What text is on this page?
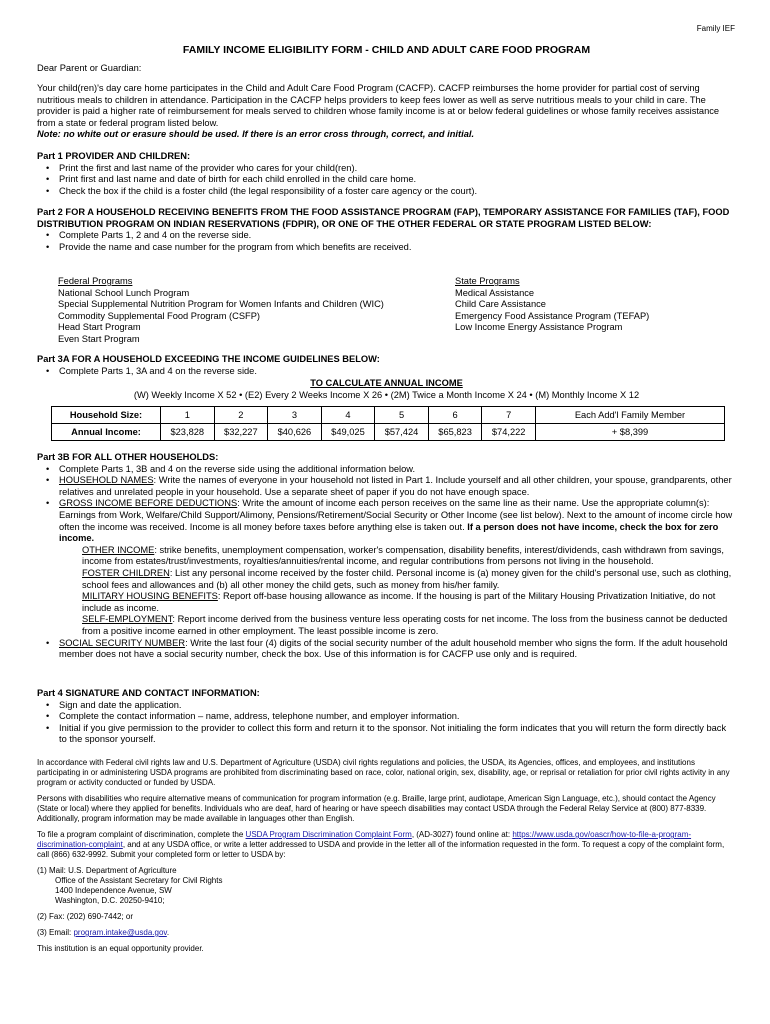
Family IEF
FAMILY INCOME ELIGIBILITY FORM - CHILD AND ADULT CARE FOOD PROGRAM

Dear Parent or Guardian:

Your child(ren)'s day care home participates in the Child and Adult Care Food Program (CACFP). CACFP reimburses the home provider for partial cost of serving nutritious meals to children in attendance. Participation in the CACFP helps providers to keep fees lower as well as serve nutritious meals to your child in care. The provider is paid a higher rate of reimbursement for meals served to children whose family income is at or below federal guidelines or whose family receives assistance from a state or federal program listed below.

Note: no white out or erasure should be used. If there is an error cross through, correct, and initial.

Part 1 PROVIDER AND CHILDREN:

• Print the first and last name of the provider who cares for your child(ren).
• Print first and last name and date of birth for each child enrolled in the child care home.
• Check the box if the child is a foster child (the legal responsibility of a foster care agency or the court).

Part 2 FOR A HOUSEHOLD RECEIVING BENEFITS FROM THE FOOD ASSISTANCE PROGRAM (FAP), TEMPORARY ASSISTANCE FOR FAMILIES (TAF), FOOD DISTRIBUTION PROGRAM ON INDIAN RESERVATIONS (FDPIR), OR ONE OF THE OTHER FEDERAL OR STATE PROGRAM LISTED BELOW:

• Complete Parts 1, 2 and 4 on the reverse side.
• Provide the name and case number for the program from which benefits are received.
Federal Programs
National School Lunch Program
Special Supplemental Nutrition Program for Women Infants and Children (WIC)
Commodity Supplemental Food Program (CSFP)
Head Start Program
Even Start Program
State Programs
Medical Assistance
Child Care Assistance
Emergency Food Assistance Program (TEFAP)
Low Income Energy Assistance Program

Part 3A FOR A HOUSEHOLD EXCEEDING THE INCOME GUIDELINES BELOW:

• Complete Parts 1, 3A and 4 on the reverse side.

TO CALCULATE ANNUAL INCOME

(W) Weekly Income X 52 • (E2) Every 2 Weeks Income X 26 • (2M) Twice a Month Income X 24 • (M) Monthly Income X 12

Household Size:	1	2	3	4	5	6	7	Each Add'l Family Member
Annual Income:	$23,828	$32,227	$40,626	$49,025	$57,424	$65,823	$74,222	+ $8,399

Part 3B FOR ALL OTHER HOUSEHOLDS:

• Complete Parts 1, 3B and 4 on the reverse side using the additional information below.
• HOUSEHOLD NAMES: Write the names of everyone in your household not listed in Part 1. Include yourself and all other children, your spouse, grandparents, other relatives and unrelated people in your household. Use a separate sheet of paper if you do not have enough space.
• GROSS INCOME BEFORE DEDUCTIONS: Write the amount of income each person receives on the same line as their name. Use the appropriate column(s): Earnings from Work, Welfare/Child Support/Alimony, Pensions/Retirement/Social Security or Other Income (see list below). Next to the amount of income circle how often the income was received. Income is all money before taxes before anything else is taken out. If a person does not have income, check the box for zero income.
OTHER INCOME: strike benefits, unemployment compensation, worker's compensation, disability benefits, interest/dividends, cash withdrawn from savings, income from estates/trust/investments, royalties/annuities/rental income, and regular contributions from persons not living in the household.
FOSTER CHILDREN: List any personal income received by the foster child. Personal income is (a) money given for the child's personal use, such as clothing, school fees and allowances and (b) all other money the child gets, such as money from his/her family.
MILITARY HOUSING BENEFITS: Report off-base housing allowance as income. If the housing is part of the Military Housing Privatization Initiative, do not include as income.
SELF-EMPLOYMENT: Report income derived from the business venture less operating costs for net income. The loss from the business cannot be deducted from a positive income earned in other employment. The least possible income is zero.
• SOCIAL SECURITY NUMBER: Write the last four (4) digits of the social security number of the adult household member who signs the form. If the adult household member does not have a social security number, check the box. Use of this information is for CACFP use only and is required.

Part 4 SIGNATURE AND CONTACT INFORMATION:

• Sign and date the application.
• Complete the contact information – name, address, telephone number, and employer information.
• Initial if you give permission to the provider to collect this form and return it to the sponsor. Not initialing the form indicates that you will return the form directly back to the sponsor yourself.

In accordance with Federal civil rights law and U.S. Department of Agriculture (USDA) civil rights regulations and policies, the USDA, its Agencies, offices, and employees, and institutions participating in or administering USDA programs are prohibited from discriminating based on race, color, national origin, sex, disability, age, or reprisal or retaliation for prior civil rights activity in any program or activity conducted or funded by USDA.

Persons with disabilities who require alternative means of communication for program information (e.g. Braille, large print, audiotape, American Sign Language, etc.), should contact the Agency (State or local) where they applied for benefits. Individuals who are deaf, hard of hearing or have speech disabilities may contact USDA through the Federal Relay Service at (800) 877-8339. Additionally, program information may be made available in languages other than English.

To file a program complaint of discrimination, complete the USDA Program Discrimination Complaint Form, (AD-3027) found online at: https://www.usda.gov/oascr/how-to-file-a-program-discrimination-complaint, and at any USDA office, or write a letter addressed to USDA and provide in the letter all of the information requested in the form. To request a copy of the complaint form, call (866) 632-9992. Submit your completed form or letter to USDA by:

(1) Mail: U.S. Department of Agriculture
Office of the Assistant Secretary for Civil Rights
1400 Independence Avenue, SW
Washington, D.C. 20250-9410;

(2) Fax: (202) 690-7442; or

(3) Email: program.intake@usda.gov.

This institution is an equal opportunity provider.
